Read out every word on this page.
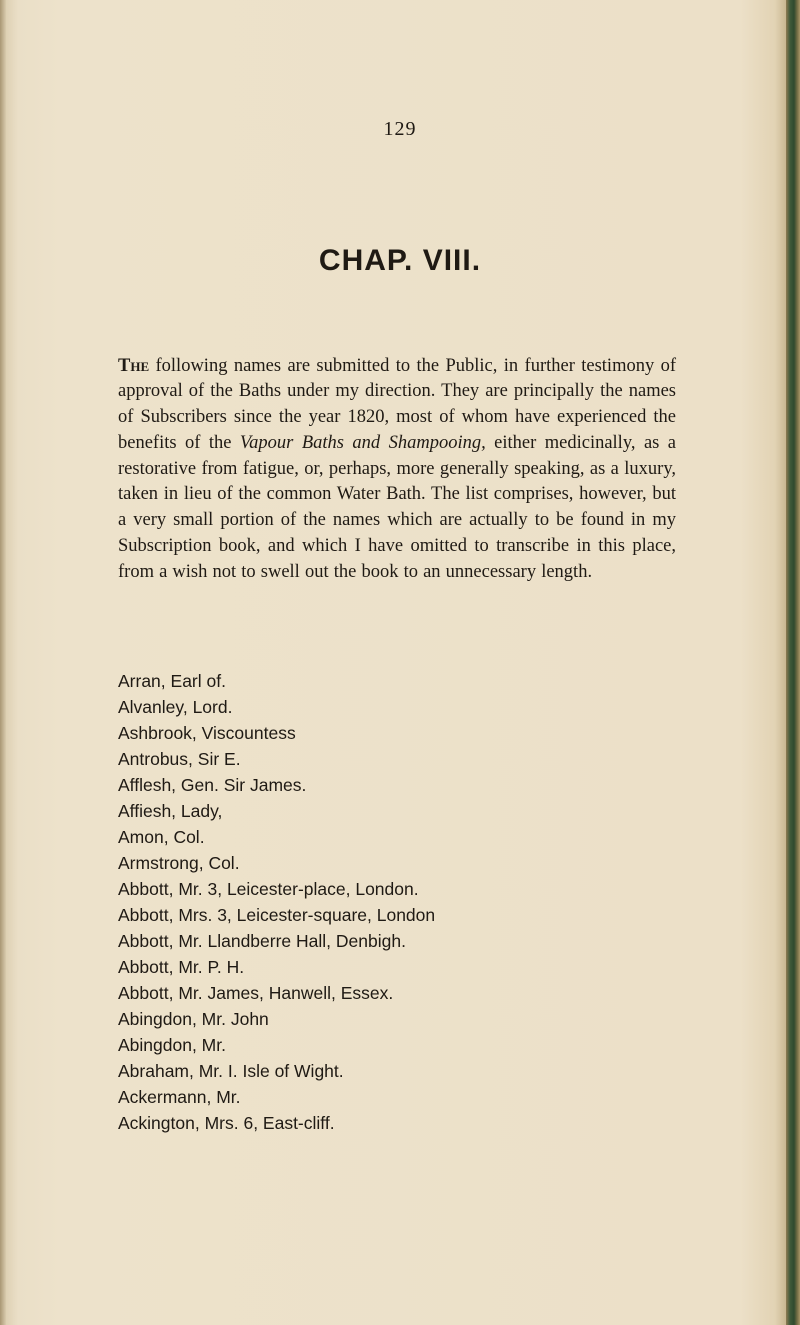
129
CHAP. VIII.

The following names are submitted to the Public, in further testimony of approval of the Baths under my direction. They are principally the names of Subscribers since the year 1820, most of whom have experienced the benefits of the Vapour Baths and Shampooing, either medicinally, as a restorative from fatigue, or, perhaps, more generally speaking, as a luxury, taken in lieu of the common Water Bath. The list comprises, however, but a very small portion of the names which are actually to be found in my Subscription book, and which I have omitted to transcribe in this place, from a wish not to swell out the book to an unnecessary length.

Arran, Earl of.
Alvanley, Lord.
Ashbrook, Viscountess
Antrobus, Sir E.
Afflesh, Gen. Sir James.
Affiesh, Lady,
Amon, Col.
Armstrong, Col.
Abbott, Mr. 3, Leicester-place, London.
Abbott, Mrs. 3, Leicester-square, London
Abbott, Mr. Llandberre Hall, Denbigh.
Abbott, Mr. P. H.
Abbott, Mr. James, Hanwell, Essex.
Abingdon, Mr. John
Abingdon, Mr.
Abraham, Mr. I. Isle of Wight.
Ackermann, Mr.
Ackington, Mrs. 6, East-cliff.
